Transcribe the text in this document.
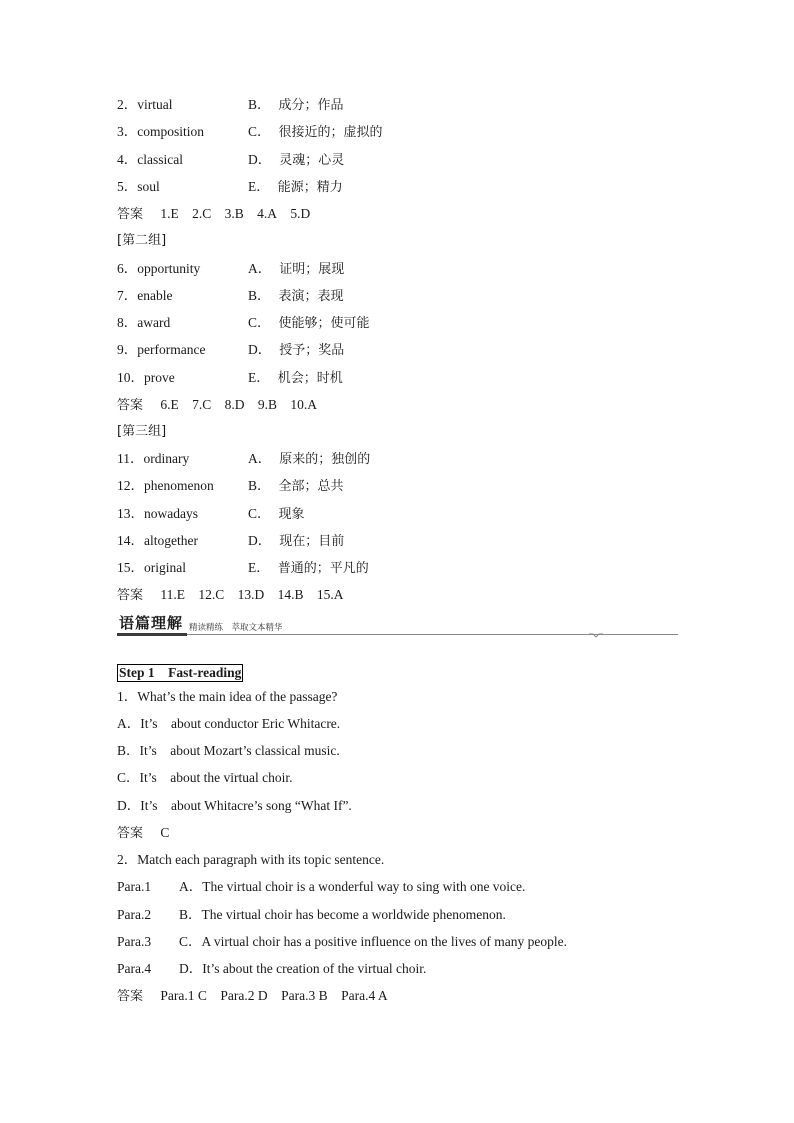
2．virtual	B． 成分；作品
3．composition	C． 很接近的；虚拟的
4．classical	D． 灵魂；心灵
5．soul	E． 能源；精力
答案 1.E 2.C 3.B 4.A 5.D
[第二组]
6．opportunity	A． 证明；展现
7．enable	B． 表演；表现
8．award	C． 使能够；使可能
9．performance	D． 授予；奖品
10．prove	E． 机会；时机
答案 6.E 7.C 8.D 9.B 10.A
[第三组]
11．ordinary	A． 原来的；独创的
12．phenomenon	B． 全部；总共
13．nowadays	C． 现象
14．altogether	D． 现在；目前
15．original	E． 普通的；平凡的
答案 11.E 12.C 13.D 14.B 15.A
语篇理解 精读精练　萃取文本精华
Step 1　Fast-reading
1．What’s the main idea of the passage?
A．It’s　about conductor Eric Whitacre.
B．It’s　about Mozart’s classical music.
C．It’s　about the virtual choir.
D．It’s　about Whitacre’s song “What If”.
答案 C
2．Match each paragraph with its topic sentence.
Para.1 A．The virtual choir is a wonderful way to sing with one voice.
Para.2 B．The virtual choir has become a worldwide phenomenon.
Para.3 C．A virtual choir has a positive influence on the lives of many people.
Para.4 D．It’s about the creation of the virtual choir.
答案 Para.1 C　Para.2 D　Para.3 B　Para.4 A
